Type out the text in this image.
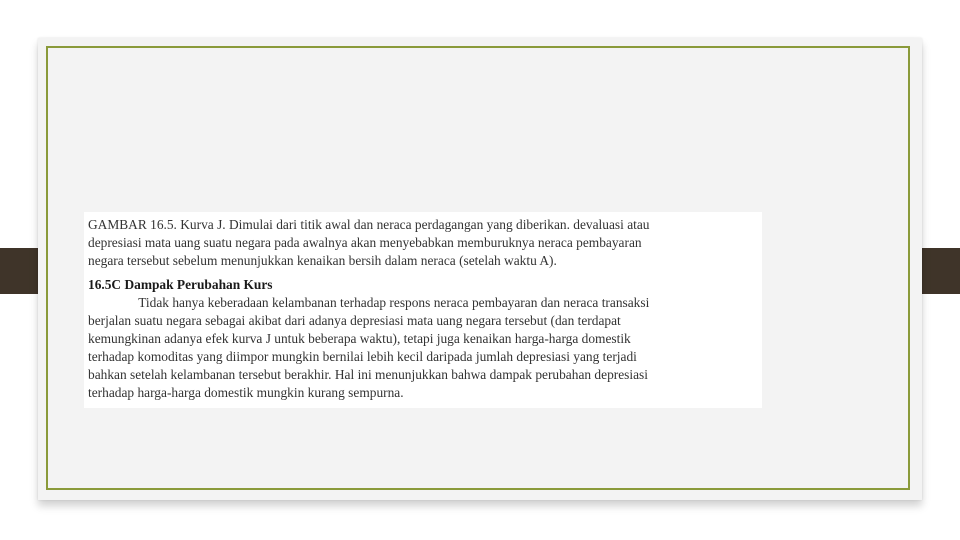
GAMBAR 16.5. Kurva J. Dimulai dari titik awal dan neraca perdagangan yang diberikan. devaluasi atau
depresiasi mata uang suatu negara pada awalnya akan menyebabkan memburuknya neraca pembayaran
negara tersebut sebelum menunjukkan kenaikan bersih dalam neraca (setelah waktu A).

16.5C Dampak Perubahan Kurs

Tidak hanya keberadaan kelambanan terhadap respons neraca pembayaran dan neraca transaksi
berjalan suatu negara sebagai akibat dari adanya depresiasi mata uang negara tersebut (dan terdapat
kemungkinan adanya efek kurva J untuk beberapa waktu), tetapi juga kenaikan harga-harga domestik
terhadap komoditas yang diimpor mungkin bernilai lebih kecil daripada jumlah depresiasi yang terjadi
bahkan setelah kelambanan tersebut berakhir. Hal ini menunjukkan bahwa dampak perubahan depresiasi
terhadap harga-harga domestik mungkin kurang sempurna.
